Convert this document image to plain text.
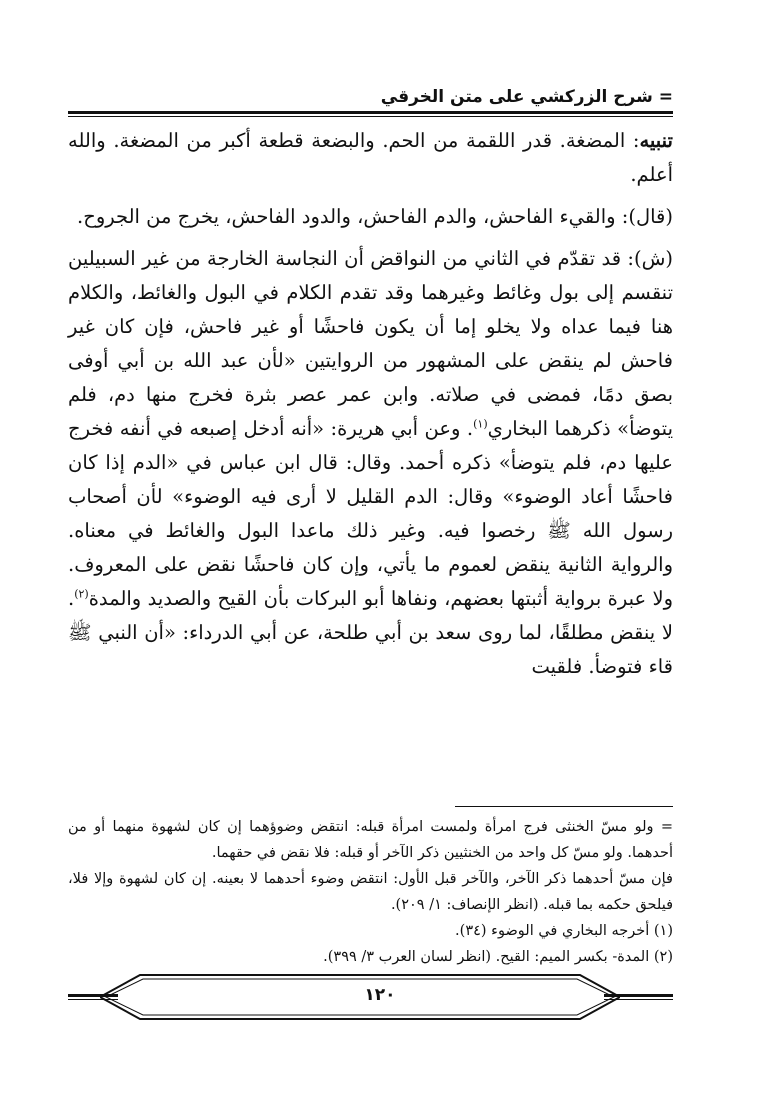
= شرح الزركشي على متن الخرقي

تنبيه: المضغة. قدر اللقمة من الحم. والبضعة قطعة أكبر من المضغة. والله أعلم.

(قال): والقيء الفاحش، والدم الفاحش، والدود الفاحش، يخرج من الجروح.

(ش): قد تقدّم في الثاني من النواقض أن النجاسة الخارجة من غير السبيلين تنقسم إلى بول وغائط وغيرهما وقد تقدم الكلام في البول والغائط، والكلام هنا فيما عداه ولا يخلو إما أن يكون فاحشًا أو غير فاحش، فإن كان غير فاحش لم ينقض على المشهور من الروايتين «لأن عبد الله بن أبي أوفى بصق دمًا، فمضى في صلاته. وابن عمر عصر بثرة فخرج منها دم، فلم يتوضأ» ذكرهما البخاري$^{(١)}$. وعن أبي هريرة: «أنه أدخل إصبعه في أنفه فخرج عليها دم، فلم يتوضأ» ذكره أحمد. وقال: قال ابن عباس في «الدم إذا كان فاحشًا أعاد الوضوء» وقال: الدم القليل لا أرى فيه الوضوء» لأن أصحاب رسول الله ﷺ رخصوا فيه. وغير ذلك ماعدا البول والغائط في معناه. والرواية الثانية ينقض لعموم ما يأتي، وإن كان فاحشًا نقض على المعروف. ولا عبرة برواية أثبتها بعضهم، ونفاها أبو البركات بأن القيح والصديد والمدة$^{(٢)}$. لا ينقض مطلقًا، لما روى سعد بن أبي طلحة، عن أبي الدرداء: «أن النبي ﷺ قاء فتوضأ. فلقيت

= ولو مسّ الخنثى فرج امرأة ولمست امرأة قبله: انتقض وضوؤهما إن كان لشهوة منهما أو من أحدهما. ولو مسّ كل واحد من الخنثيين ذكر الآخر أو قبله: فلا نقض في حقهما.

فإن مسّ أحدهما ذكر الآخر، والآخر قبل الأول: انتقض وضوء أحدهما لا بعينه. إن كان لشهوة وإلا فلا، فيلحق حكمه بما قبله. (انظر الإنصاف: ١/ ٢٠٩).

(١) أخرجه البخاري في الوضوء (٣٤).

(٢) المدة- بكسر الميم: القيح. (انظر لسان العرب ٣/ ٣٩٩).

١٢٠
